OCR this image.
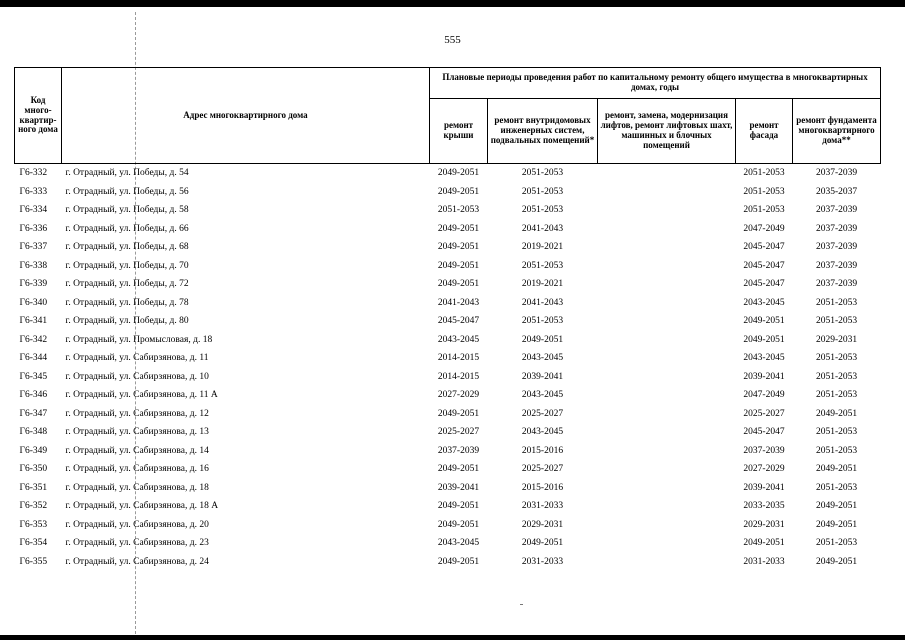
555
Код много-квартир-ного дома	Адрес многоквартирного дома	Плановые периоды проведения работ по капитальному ремонту общего имущества в многоквартирных домах, годы				
		ремонт крыши	ремонт внутридомовых инженерных систем, подвальных помещений*	ремонт, замена, модернизация лифтов, ремонт лифтовых шахт, машинных и блочных помещений	ремонт фасада	ремонт фундамента многоквартирного дома**
Г6-332	г. Отрадный, ул. Победы, д. 54	2049-2051	2051-2053		2051-2053	2037-2039
Г6-333	г. Отрадный, ул. Победы, д. 56	2049-2051	2051-2053		2051-2053	2035-2037
Г6-334	г. Отрадный, ул. Победы, д. 58	2051-2053	2051-2053		2051-2053	2037-2039
Г6-336	г. Отрадный, ул. Победы, д. 66	2049-2051	2041-2043		2047-2049	2037-2039
Г6-337	г. Отрадный, ул. Победы, д. 68	2049-2051	2019-2021		2045-2047	2037-2039
Г6-338	г. Отрадный, ул. Победы, д. 70	2049-2051	2051-2053		2045-2047	2037-2039
Г6-339	г. Отрадный, ул. Победы, д. 72	2049-2051	2019-2021		2045-2047	2037-2039
Г6-340	г. Отрадный, ул. Победы, д. 78	2041-2043	2041-2043		2043-2045	2051-2053
Г6-341	г. Отрадный, ул. Победы, д. 80	2045-2047	2051-2053		2049-2051	2051-2053
Г6-342	г. Отрадный, ул. Промысловая, д. 18	2043-2045	2049-2051		2049-2051	2029-2031
Г6-344	г. Отрадный, ул. Сабирзянова, д. 11	2014-2015	2043-2045		2043-2045	2051-2053
Г6-345	г. Отрадный, ул. Сабирзянова, д. 10	2014-2015	2039-2041		2039-2041	2051-2053
Г6-346	г. Отрадный, ул. Сабирзянова, д. 11 А	2027-2029	2043-2045		2047-2049	2051-2053
Г6-347	г. Отрадный, ул. Сабирзянова, д. 12	2049-2051	2025-2027		2025-2027	2049-2051
Г6-348	г. Отрадный, ул. Сабирзянова, д. 13	2025-2027	2043-2045		2045-2047	2051-2053
Г6-349	г. Отрадный, ул. Сабирзянова, д. 14	2037-2039	2015-2016		2037-2039	2051-2053
Г6-350	г. Отрадный, ул. Сабирзянова, д. 16	2049-2051	2025-2027		2027-2029	2049-2051
Г6-351	г. Отрадный, ул. Сабирзянова, д. 18	2039-2041	2015-2016		2039-2041	2051-2053
Г6-352	г. Отрадный, ул. Сабирзянова, д. 18 А	2049-2051	2031-2033		2033-2035	2049-2051
Г6-353	г. Отрадный, ул. Сабирзянова, д. 20	2049-2051	2029-2031		2029-2031	2049-2051
Г6-354	г. Отрадный, ул. Сабирзянова, д. 23	2043-2045	2049-2051		2049-2051	2051-2053
Г6-355	г. Отрадный, ул. Сабирзянова, д. 24	2049-2051	2031-2033		2031-2033	2049-2051
